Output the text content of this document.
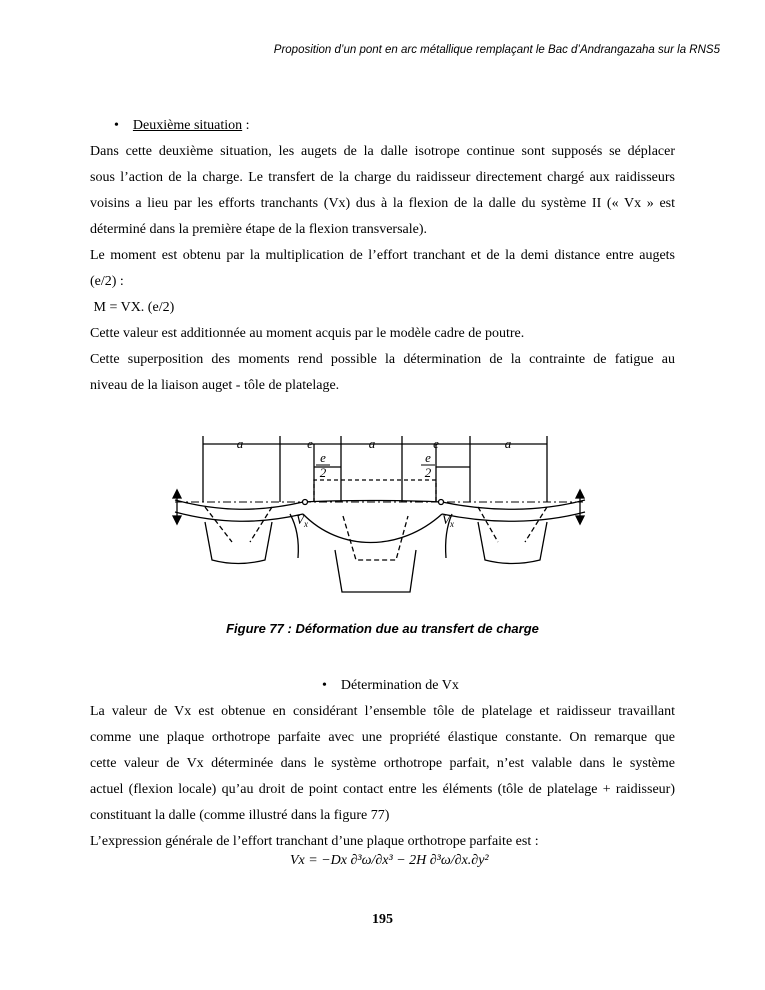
Proposition d’un pont en arc métallique remplaçant le Bac d’Andrangazaha sur la RNS5
• Deuxième situation :
Dans cette deuxième situation, les augets de la dalle isotrope continue sont supposés se déplacer
sous l’action de la charge. Le transfert de la charge du raidisseur directement chargé aux raidisseurs
voisins a lieu par les efforts tranchants (Vx) dus à la flexion de la dalle du système II (« Vx » est
déterminé dans la première étape de la flexion transversale).
Le moment est obtenu par la multiplication de l’effort tranchant et de la demi distance entre augets
(e/2) :
M = VX. (e/2)
Cette valeur est additionnée au moment acquis par le modèle cadre de poutre.
Cette superposition des moments rend possible la détermination de la contrainte de fatigue au
niveau de la liaison auget - tôle de platelage.
a	e	a	e	a
e
2
e
2
$V_x$	$V_x$
Figure 77 : Déformation due au transfert de charge
• Détermination de Vx
La valeur de Vx est obtenue en considérant l’ensemble tôle de platelage et raidisseur travaillant
comme une plaque orthotrope parfaite avec une propriété élastique constante. On remarque que
cette valeur de Vx déterminée dans le système orthotrope parfait, n’est valable dans le système
actuel (flexion locale) qu’au droit de point contact entre les éléments (tôle de platelage + raidisseur)
constituant la dalle (comme illustré dans la figure 77)
L’expression générale de l’effort tranchant d’une plaque orthotrope parfaite est :
Vx = −Dx ∂³ω/∂x³ − 2H ∂³ω/∂x.∂y²
195
